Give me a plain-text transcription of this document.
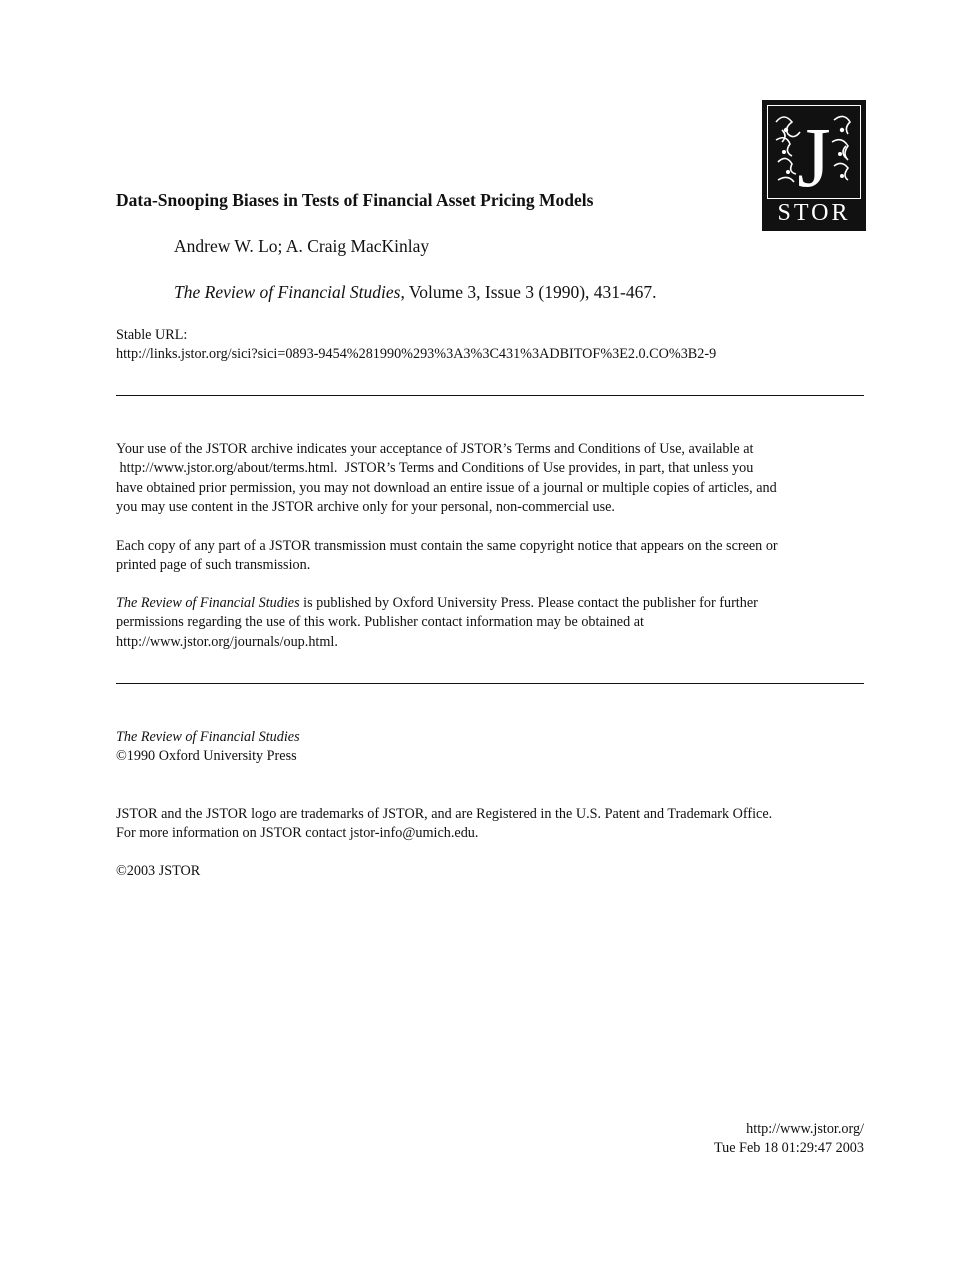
J
STOR
Data-Snooping Biases in Tests of Financial Asset Pricing Models
Andrew W. Lo; A. Craig MacKinlay
The Review of Financial Studies, Volume 3, Issue 3 (1990), 431-467.
Stable URL:
http://links.jstor.org/sici?sici=0893-9454%281990%293%3A3%3C431%3ADBITOF%3E2.0.CO%3B2-9
Your use of the JSTOR archive indicates your acceptance of JSTOR’s Terms and Conditions of Use, available at
http://www.jstor.org/about/terms.html.  JSTOR’s Terms and Conditions of Use provides, in part, that unless you
have obtained prior permission, you may not download an entire issue of a journal or multiple copies of articles, and
you may use content in the JSTOR archive only for your personal, non-commercial use.
Each copy of any part of a JSTOR transmission must contain the same copyright notice that appears on the screen or
printed page of such transmission.
The Review of Financial Studies is published by Oxford University Press. Please contact the publisher for further
permissions regarding the use of this work. Publisher contact information may be obtained at
http://www.jstor.org/journals/oup.html.
The Review of Financial Studies
©1990 Oxford University Press
JSTOR and the JSTOR logo are trademarks of JSTOR, and are Registered in the U.S. Patent and Trademark Office.
For more information on JSTOR contact jstor-info@umich.edu.
©2003 JSTOR
http://www.jstor.org/
Tue Feb 18 01:29:47 2003
